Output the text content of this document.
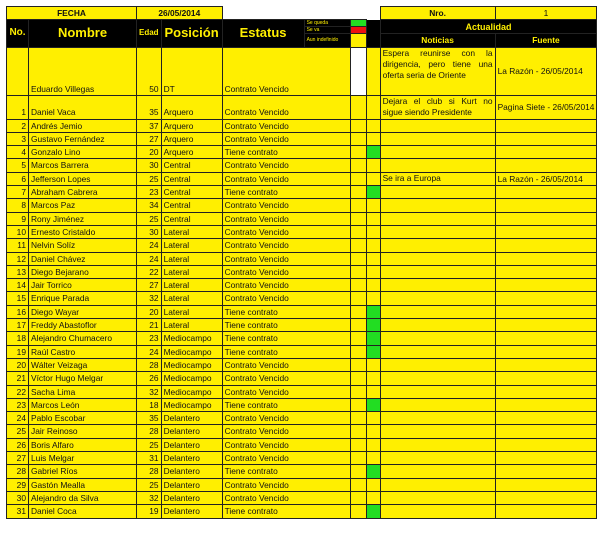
FECHA		26/05/2014						Nro.	1
No.	Nombre	Edad	Posición	Estatus	Se queda			Actualidad	
					Se va				
					Aun indefinido			Noticias	Fuente
	Eduardo Villegas	50	DT	Contrato Vencido				Espera reunirse con la dirigencia, pero tiene una oferta seria de Oriente	La Razón - 26/05/2014
1	Daniel Vaca	35	Arquero	Contrato Vencido				Dejara el club si Kurt no sigue siendo Presidente	Pagina Siete - 26/05/2014
2	Andrés Jemio	37	Arquero	Contrato Vencido					
3	Gustavo Fernández	27	Arquero	Contrato Vencido					
4	Gonzalo Lino	20	Arquero	Tiene contrato					
5	Marcos Barrera	30	Central	Contrato Vencido					
6	Jefferson Lopes	25	Central	Contrato Vencido				Se ira a Europa	La Razón - 26/05/2014
7	Abraham Cabrera	23	Central	Tiene contrato					
8	Marcos Paz	34	Central	Contrato Vencido					
9	Rony Jiménez	25	Central	Contrato Vencido					
10	Ernesto Cristaldo	30	Lateral	Contrato Vencido					
11	Nelvin Solíz	24	Lateral	Contrato Vencido					
12	Daniel Chávez	24	Lateral	Contrato Vencido					
13	Diego Bejarano	22	Lateral	Contrato Vencido					
14	Jair Torrico	27	Lateral	Contrato Vencido					
15	Enrique Parada	32	Lateral	Contrato Vencido					
16	Diego Wayar	20	Lateral	Tiene contrato					
17	Freddy Abastoflor	21	Lateral	Tiene contrato					
18	Alejandro Chumacero	23	Mediocampo	Tiene contrato					
19	Raúl Castro	24	Mediocampo	Tiene contrato					
20	Wálter Veizaga	28	Mediocampo	Contrato Vencido					
21	Víctor Hugo Melgar	26	Mediocampo	Contrato Vencido					
22	Sacha Lima	32	Mediocampo	Contrato Vencido					
23	Marcos León	18	Mediocampo	Tiene contrato					
24	Pablo Escobar	35	Delantero	Contrato Vencido					
25	Jair Reinoso	28	Delantero	Contrato Vencido					
26	Boris Alfaro	25	Delantero	Contrato Vencido					
27	Luis Melgar	31	Delantero	Contrato Vencido					
28	Gabriel Ríos	28	Delantero	Tiene contrato					
29	Gastón Mealla	25	Delantero	Contrato Vencido					
30	Alejandro da Silva	32	Delantero	Contrato Vencido					
31	Daniel Coca	19	Delantero	Tiene contrato					
